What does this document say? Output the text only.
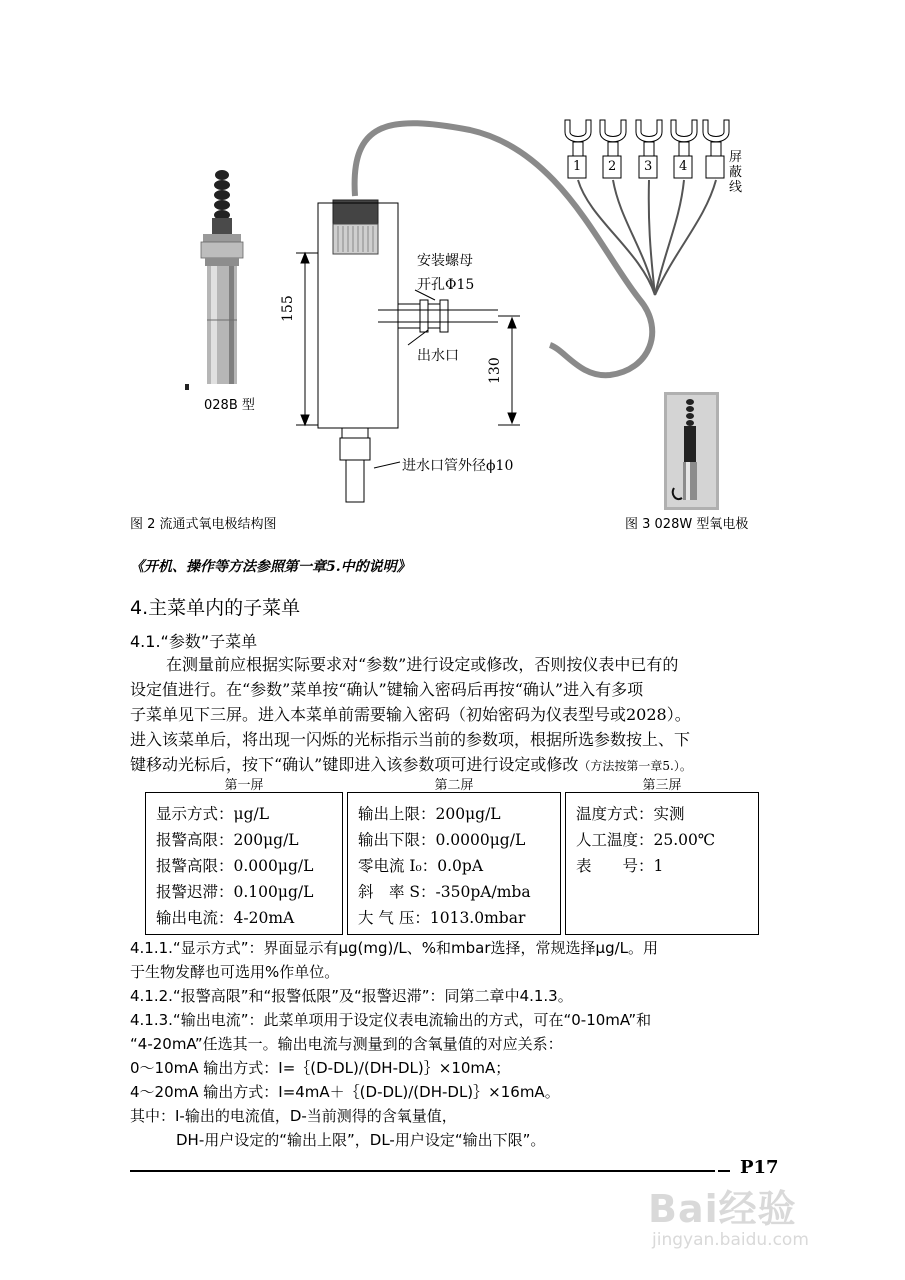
028B 型
155
130
安装螺母
开孔Φ15
出水口
进水口管外径ϕ10
1 2 3 4
屏
蔽
线
图 2 流通式氧电极结构图	图 3 028W 型氧电极
《开机、操作等方法参照第一章5.中的说明》
4.主菜单内的子菜单
4.1.“参数”子菜单
在测量前应根据实际要求对“参数”进行设定或修改，否则按仪表中已有的
设定值进行。在“参数”菜单按“确认”键输入密码后再按“确认”进入有多项
子菜单见下三屏。进入本菜单前需要输入密码（初始密码为仪表型号或2028）。
进入该菜单后，将出现一闪烁的光标指示当前的参数项，根据所选参数按上、下
键移动光标后，按下“确认”键即进入该参数项可进行设定或修改（方法按第一章5.）。
第一屏	第二屏	第三屏
显示方式：μg/L
报警高限：200μg/L
报警高限：0.000μg/L
报警迟滞：0.100μg/L
输出电流：4-20mA
输出上限：200μg/L
输出下限：0.0000μg/L
零电流 I₀：0.0pA
斜　率 S：-350pA/mba
大 气 压：1013.0mbar
温度方式：实测
人工温度：25.00℃
表　　号：1
4.1.1.“显示方式”：界面显示有μg(mg)/L、%和mbar选择，常规选择μg/L。用
于生物发酵也可选用%作单位。
4.1.2.“报警高限”和“报警低限”及“报警迟滞”：同第二章中4.1.3。
4.1.3.“输出电流”：此菜单项用于设定仪表电流输出的方式，可在“0-10mA”和
“4-20mA”任选其一。输出电流与测量到的含氧量值的对应关系：
0～10mA 输出方式：I=｛(D-DL)/(DH-DL)｝×10mA；
4～20mA 输出方式：I=4mA＋｛(D-DL)/(DH-DL)｝×16mA。
其中：I-输出的电流值，D-当前测得的含氧量值，
DH-用户设定的“输出上限”，DL-用户设定“输出下限”。
P17
Bai经验
jingyan.baidu.com
